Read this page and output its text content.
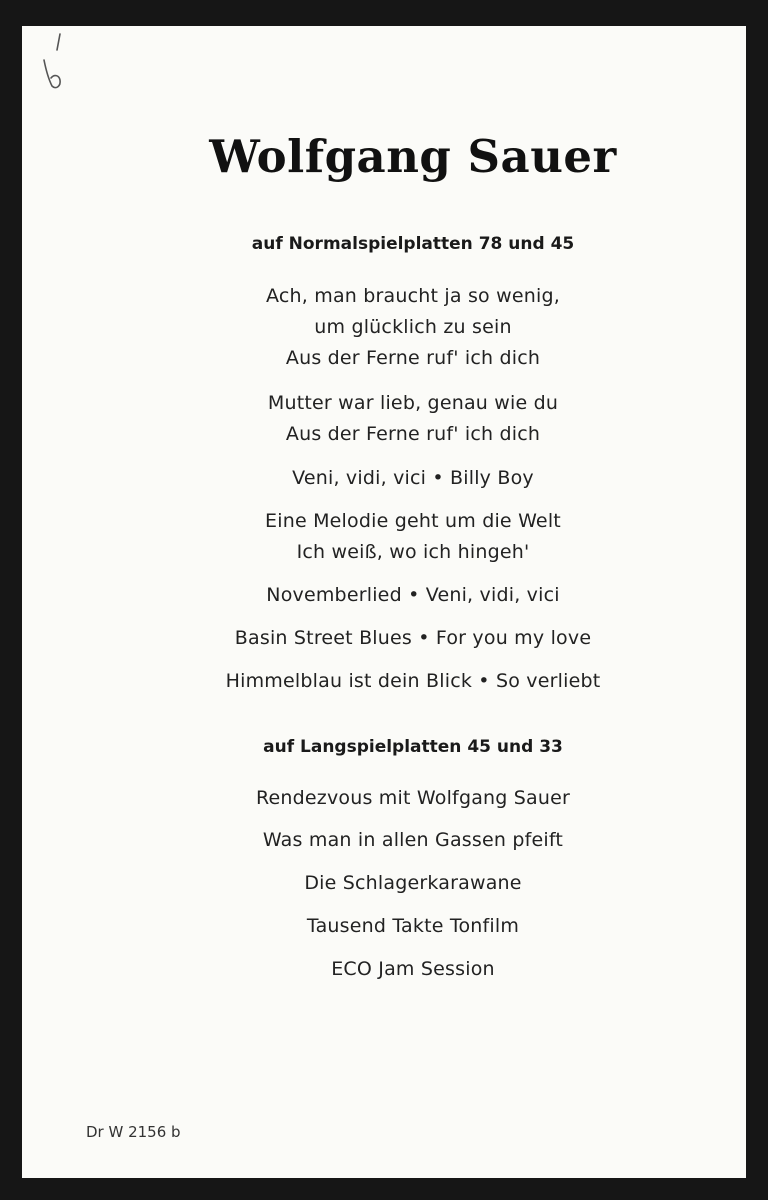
6
Wolfgang Sauer
auf Normalspielplatten 78 und 45
Ach, man braucht ja so wenig,
um glücklich zu sein
Aus der Ferne ruf' ich dich
Mutter war lieb, genau wie du
Aus der Ferne ruf' ich dich
Veni, vidi, vici • Billy Boy
Eine Melodie geht um die Welt
Ich weiß, wo ich hingeh'
Novemberlied • Veni, vidi, vici
Basin Street Blues • For you my love
Himmelblau ist dein Blick • So verliebt
auf Langspielplatten 45 und 33
Rendezvous mit Wolfgang Sauer
Was man in allen Gassen pfeift
Die Schlagerkarawane
Tausend Takte Tonfilm
ECO Jam Session
Dr W 2156 b
